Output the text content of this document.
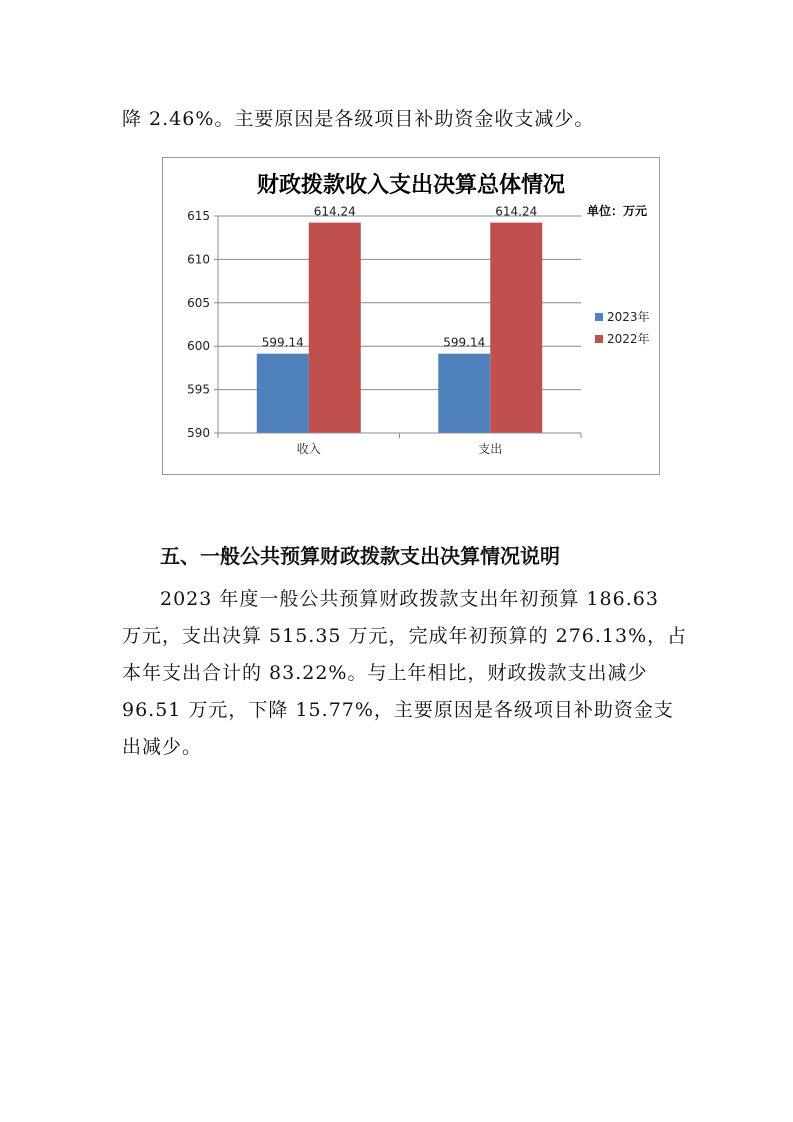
降 2.46%。主要原因是各级项目补助资金收支减少。
财政拨款收入支出决算总体情况
单位：万元
599.14
614.24
599.14
614.24
590
595
600
605
610
615
收入	支出
2023年
2022年
五、一般公共预算财政拨款支出决算情况说明
2023 年度一般公共预算财政拨款支出年初预算 186.63
万元，支出决算 515.35 万元，完成年初预算的 276.13%，占
本年支出合计的 83.22%。与上年相比，财政拨款支出减少
96.51 万元，下降 15.77%，主要原因是各级项目补助资金支
出减少。
